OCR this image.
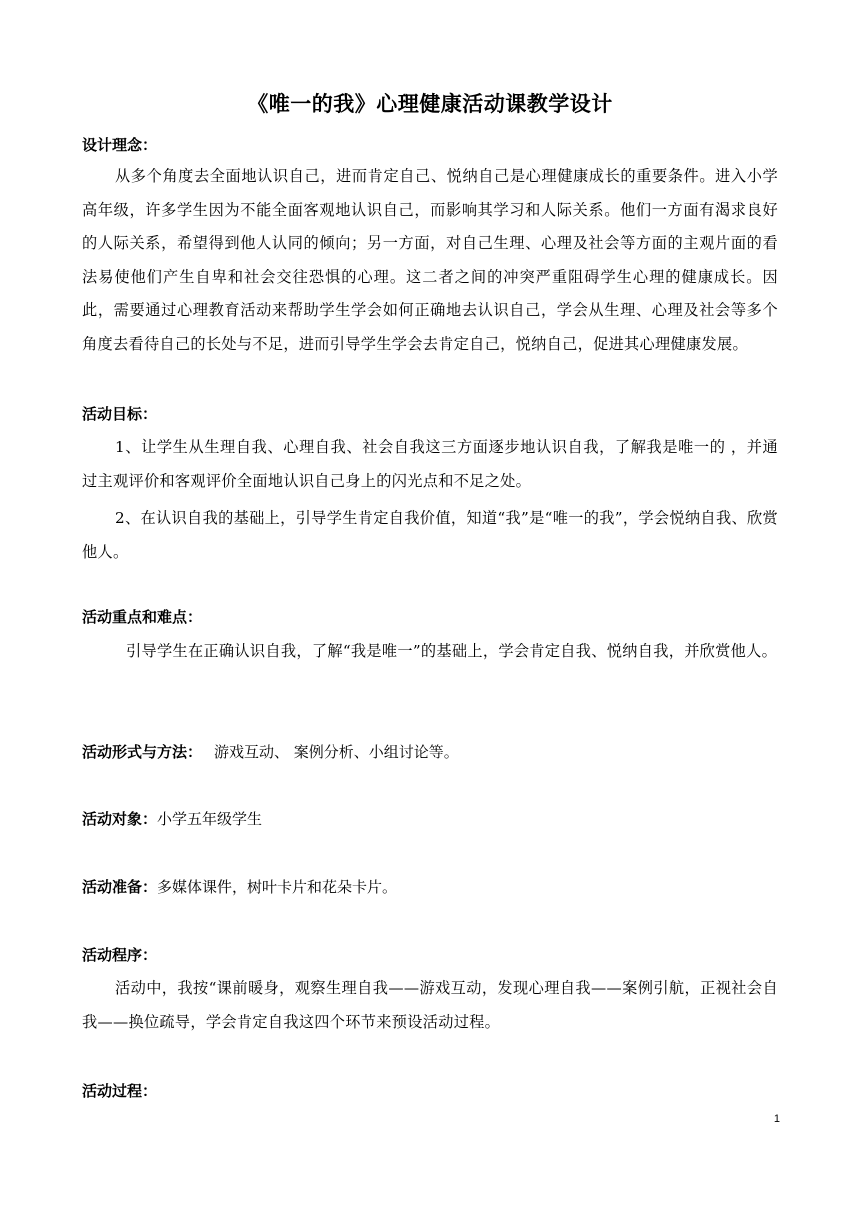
《唯一的我》心理健康活动课教学设计
设计理念：

从多个角度去全面地认识自己，进而肯定自己、悦纳自己是心理健康成长的重要条件。进入小学高年级，许多学生因为不能全面客观地认识自己，而影响其学习和人际关系。他们一方面有渴求良好的人际关系，希望得到他人认同的倾向；另一方面，对自己生理、心理及社会等方面的主观片面的看法易使他们产生自卑和社会交往恐惧的心理。这二者之间的冲突严重阻碍学生心理的健康成长。因此，需要通过心理教育活动来帮助学生学会如何正确地去认识自己，学会从生理、心理及社会等多个角度去看待自己的长处与不足，进而引导学生学会去肯定自己，悦纳自己，促进其心理健康发展。

活动目标：

1、让学生从生理自我、心理自我、社会自我这三方面逐步地认识自我，了解我是唯一的 ，并通过主观评价和客观评价全面地认识自己身上的闪光点和不足之处。

2、在认识自我的基础上，引导学生肯定自我价值，知道“我”是“唯一的我”，学会悦纳自我、欣赏他人。

活动重点和难点：

引导学生在正确认识自我，了解“我是唯一”的基础上，学会肯定自我、悦纳自我，并欣赏他人。

活动形式与方法： 游戏互动、 案例分析、小组讨论等。
活动对象：小学五年级学生
活动准备：多媒体课件，树叶卡片和花朵卡片。
活动程序：

活动中，我按“课前暖身，观察生理自我——游戏互动，发现心理自我——案例引航，正视社会自我——换位疏导，学会肯定自我这四个环节来预设活动过程。

活动过程：
1
